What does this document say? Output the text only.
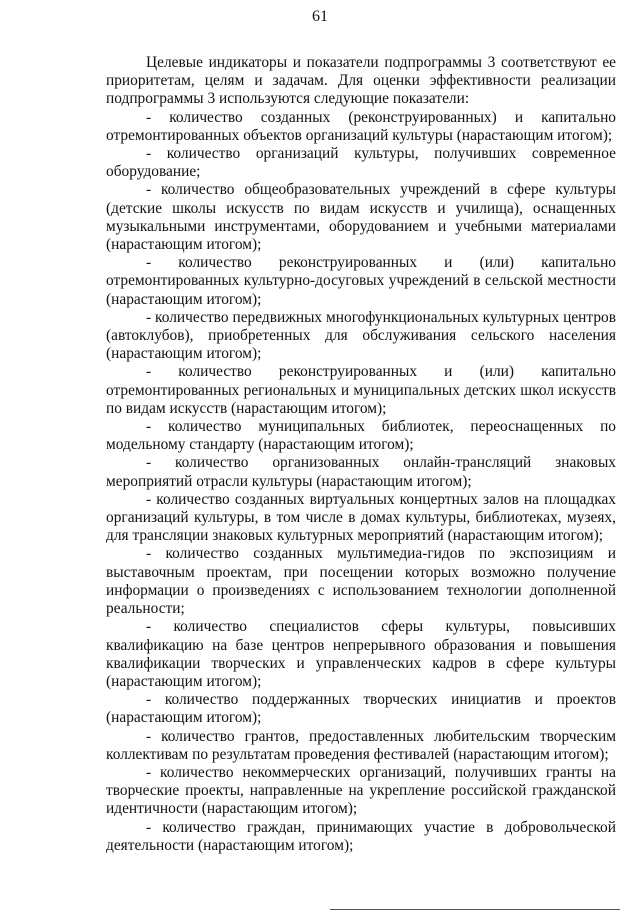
61

Целевые индикаторы и показатели подпрограммы 3 соответствуют ее приоритетам, целям и задачам. Для оценки эффективности реализации подпрограммы 3 используются следующие показатели:

- количество созданных (реконструированных) и капитально отремонтированных объектов организаций культуры (нарастающим итогом);

- количество организаций культуры, получивших современное оборудование;

- количество общеобразовательных учреждений в сфере культуры (детские школы искусств по видам искусств и училища), оснащенных музыкальными инструментами, оборудованием и учебными материалами (нарастающим итогом);

- количество реконструированных и (или) капитально отремонтированных культурно-досуговых учреждений в сельской местности (нарастающим итогом);

- количество передвижных многофункциональных культурных центров (автоклубов), приобретенных для обслуживания сельского населения (нарастающим итогом);

- количество реконструированных и (или) капитально отремонтированных региональных и муниципальных детских школ искусств по видам искусств (нарастающим итогом);

- количество муниципальных библиотек, переоснащенных по модельному стандарту (нарастающим итогом);

- количество организованных онлайн-трансляций знаковых мероприятий отрасли культуры (нарастающим итогом);

- количество созданных виртуальных концертных залов на площадках организаций культуры, в том числе в домах культуры, библиотеках, музеях, для трансляции знаковых культурных мероприятий (нарастающим итогом);

- количество созданных мультимедиа-гидов по экспозициям и выставочным проектам, при посещении которых возможно получение информации о произведениях с использованием технологии дополненной реальности;

- количество специалистов сферы культуры, повысивших квалификацию на базе центров непрерывного образования и повышения квалификации творческих и управленческих кадров в сфере культуры (нарастающим итогом);

- количество поддержанных творческих инициатив и проектов (нарастающим итогом);

- количество грантов, предоставленных любительским творческим коллективам по результатам проведения фестивалей (нарастающим итогом);

- количество некоммерческих организаций, получивших гранты на творческие проекты, направленные на укрепление российской гражданской идентичности (нарастающим итогом);

- количество граждан, принимающих участие в добровольческой деятельности (нарастающим итогом);
